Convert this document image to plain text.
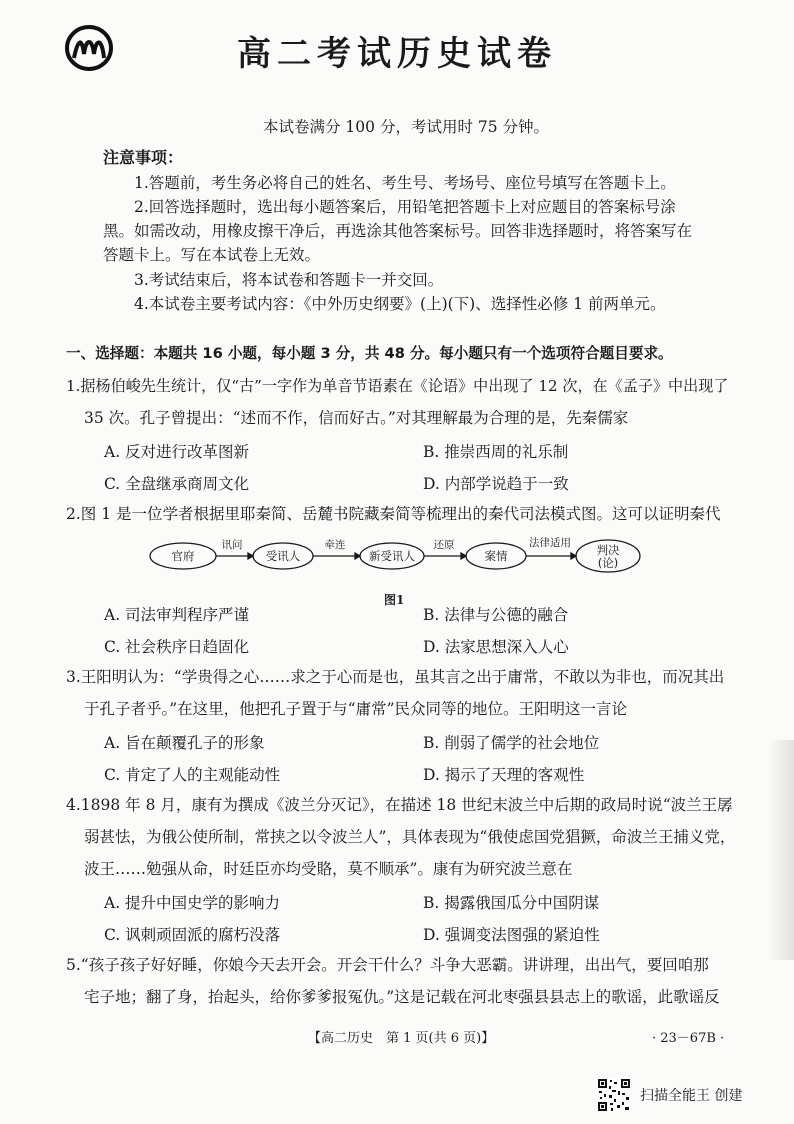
高二考试历史试卷
本试卷满分 100 分，考试用时 75 分钟。
注意事项：
1.答题前，考生务必将自己的姓名、考生号、考场号、座位号填写在答题卡上。
2.回答选择题时，选出每小题答案后，用铅笔把答题卡上对应题目的答案标号涂
黑。如需改动，用橡皮擦干净后，再选涂其他答案标号。回答非选择题时，将答案写在
答题卡上。写在本试卷上无效。
3.考试结束后，将本试卷和答题卡一并交回。
4.本试卷主要考试内容：《中外历史纲要》(上)(下)、选择性必修 1 前两单元。
一、选择题：本题共 16 小题，每小题 3 分，共 48 分。每小题只有一个选项符合题目要求。
1.据杨伯峻先生统计，仅“古”一字作为单音节语素在《论语》中出现了 12 次，在《孟子》中出现了
35 次。孔子曾提出：“述而不作，信而好古。”对其理解最为合理的是，先秦儒家
A. 反对进行改革图新	B. 推崇西周的礼乐制
C. 全盘继承商周文化	D. 内部学说趋于一致
2.图 1 是一位学者根据里耶秦简、岳麓书院藏秦简等梳理出的秦代司法模式图。这可以证明秦代
官府	受讯人	新受讯人	案情	判决
(论)
讯问	牵连	还原	法律适用
图1
A. 司法审判程序严谨	B. 法律与公德的融合
C. 社会秩序日趋固化	D. 法家思想深入人心
3.王阳明认为：“学贵得之心……求之于心而是也，虽其言之出于庸常，不敢以为非也，而况其出
于孔子者乎。”在这里，他把孔子置于与“庸常”民众同等的地位。王阳明这一言论
A. 旨在颠覆孔子的形象	B. 削弱了儒学的社会地位
C. 肯定了人的主观能动性	D. 揭示了天理的客观性
4.1898 年 8 月，康有为撰成《波兰分灭记》，在描述 18 世纪末波兰中后期的政局时说“波兰王孱
弱甚怯，为俄公使所制，常挟之以令波兰人”，具体表现为“俄使虑国党猖獗，命波兰王捕义党，
波王……勉强从命，时廷臣亦均受賂，莫不顺承”。康有为研究波兰意在
A. 提升中国史学的影响力	B. 揭露俄国瓜分中国阴谋
C. 讽刺顽固派的腐朽没落	D. 强调变法图强的紧迫性
5.“孩子孩子好好睡，你娘今天去开会。开会干什么？斗争大恶霸。讲讲理，出出气，要回咱那
宅子地；翻了身，抬起头，给你爹爹报冤仇。”这是记载在河北枣强县县志上的歌谣，此歌谣反
【高二历史　第 1 页(共 6 页)】	· 23－67B ·
扫描全能王 创建
